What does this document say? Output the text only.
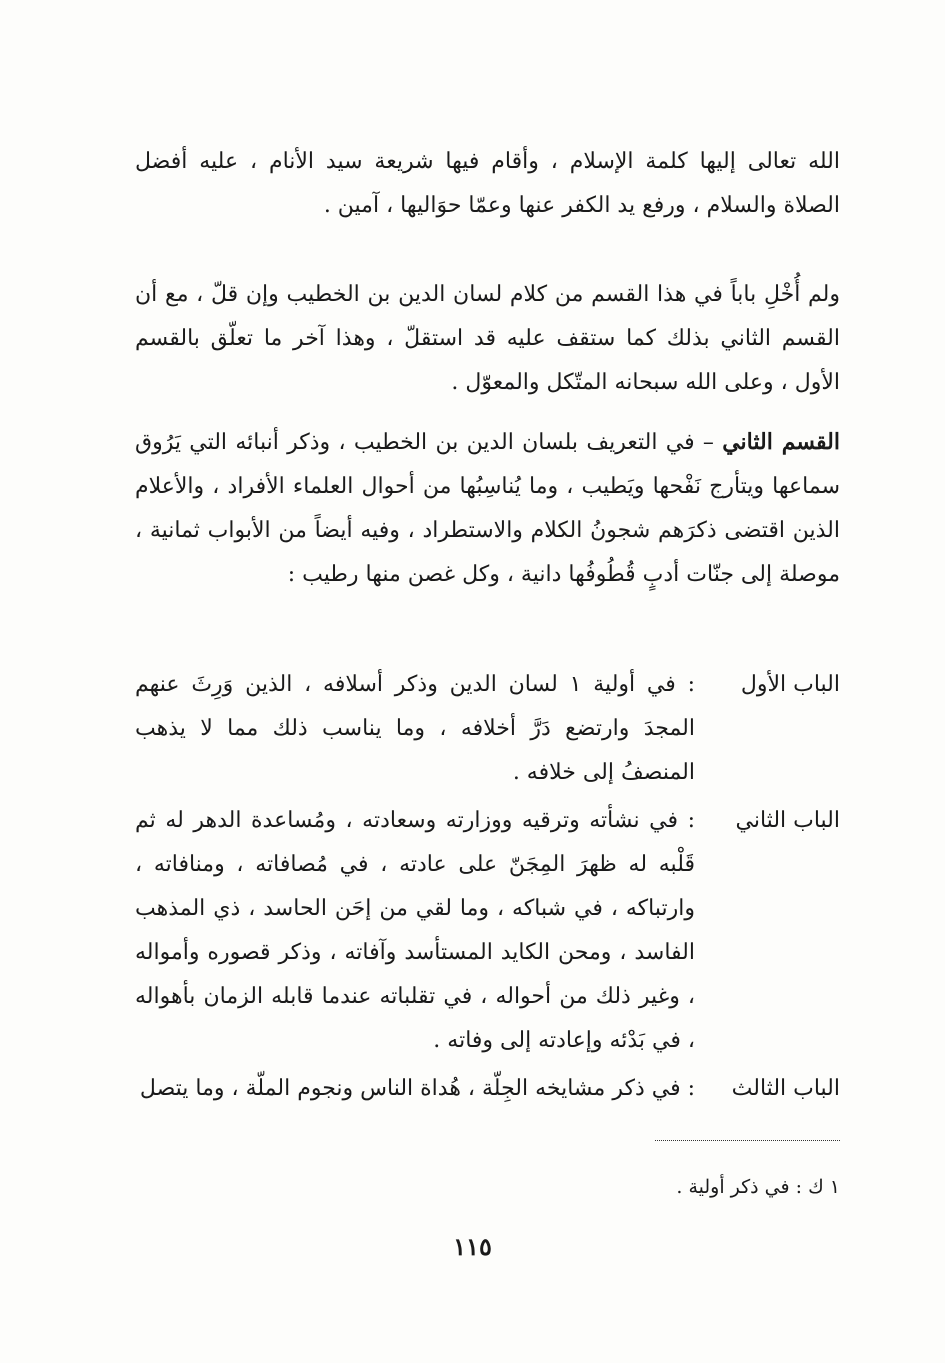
الله تعالى إليها كلمة الإسلام ، وأقام فيها شريعة سيد الأنام ، عليه أفضل الصلاة والسلام ، ورفع يد الكفر عنها وعمّا حوَاليها ، آمين .

ولم أُخْلِ باباً في هذا القسم من كلام لسان الدين بن الخطيب وإن قلّ ، مع أن القسم الثاني بذلك كما ستقف عليه قد استقلّ ، وهذا آخر ما تعلّق بالقسم الأول ، وعلى الله سبحانه المتّكل والمعوّل .

القسم الثاني – في التعريف بلسان الدين بن الخطيب ، وذكر أنبائه التي يَرُوق سماعها ويتأرج نَفْحها ويَطيب ، وما يُناسِبُها من أحوال العلماء الأفراد ، والأعلام الذين اقتضى ذكرَهم شجونُ الكلام والاستطراد ، وفيه أيضاً من الأبواب ثمانية ، موصلة إلى جنّات أدبٍ قُطُوفُها دانية ، وكل غصن منها رطيب :

الباب الأول
: في أولية ١ لسان الدين وذكر أسلافه ، الذين وَرِثَ عنهم المجدَ وارتضع دَرَّ أخلافه ، وما يناسب ذلك مما لا يذهب المنصفُ إلى خلافه .
الباب الثاني
: في نشأته وترقيه ووزارته وسعادته ، ومُساعدة الدهر له ثم قَلْبه له ظهرَ المِجَنّ على عادته ، في مُصافاته ، ومنافاته ، وارتباكه ، في شباكه ، وما لقي من إحَن الحاسد ، ذي المذهب الفاسد ، ومحن الكايد المستأسد وآفاته ، وذكر قصوره وأمواله ، وغير ذلك من أحواله ، في تقلباته عندما قابله الزمان بأهواله ، في بَدْئه وإعادته إلى وفاته .
الباب الثالث
: في ذكر مشايخه الجِلّة ، هُداة الناس ونجوم الملّة ، وما يتصل
١ ك : في ذكر أولية .
١١٥
